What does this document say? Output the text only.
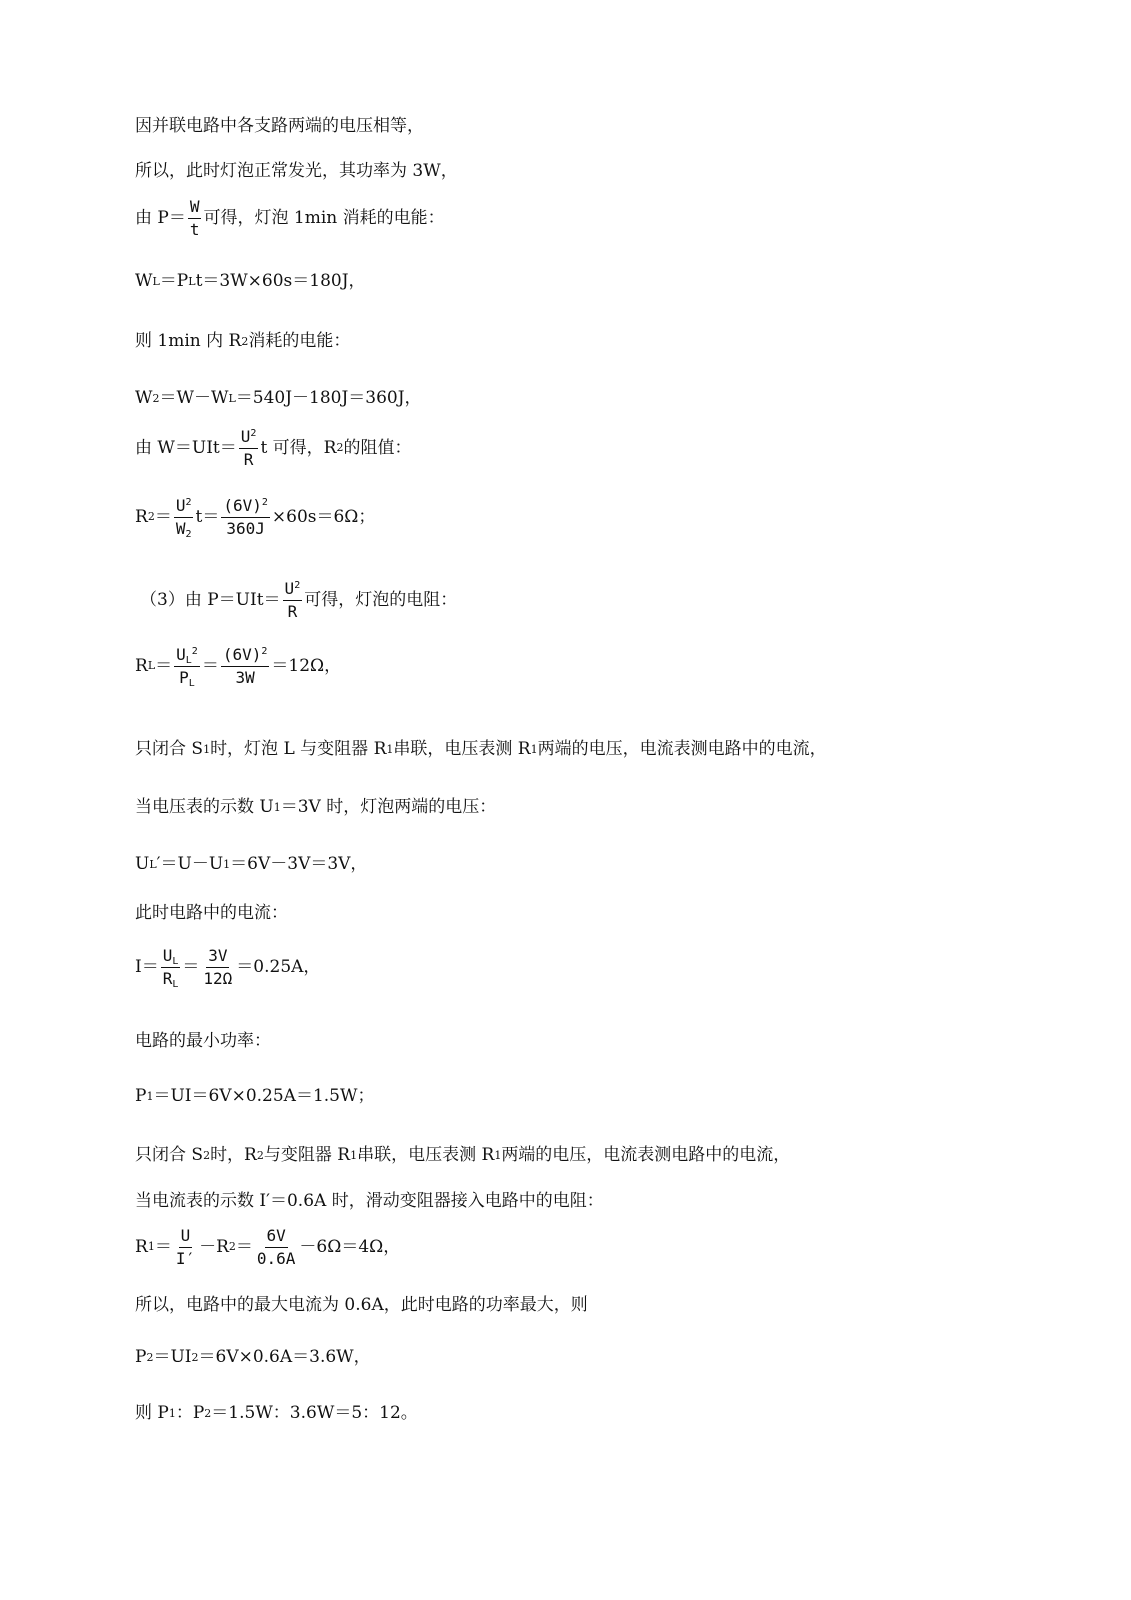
因并联电路中各支路两端的电压相等，
所以，此时灯泡正常发光，其功率为 3W，
由 P＝
W
t
可得，灯泡 1min 消耗的电能：
W L ＝P L t＝3W×60s＝180J，
则 1min 内 R 2 消耗的电能：
W 2 ＝W－W L ＝540J－180J＝360J，
由 W＝UIt＝
$U^2$
R
t 可得，R 2 的阻值：
R 2 ＝
$U^2$
$W_2$
$t= \frac{(6V)^2}{360J} \times 60s=6\Omega$；
（3）由 P＝UIt＝
$U^2$
R
可得，灯泡的电阻：
R L ＝
$U_L^2$
$P_L$
＝
$(6V)^2$
3W
＝12Ω，
只闭合 S 1 时，灯泡 L 与变阻器 R 1 串联，电压表测 R 1 两端的电压，电流表测电路中的电流，
当电压表的示数 U 1 ＝3V 时，灯泡两端的电压：
U L ′＝U－U 1 ＝6V－3V＝3V，
此时电路中的电流：
I＝
$U_L$
$R_L$
＝
3V
12Ω
＝0.25A，
电路的最小功率：
P 1 ＝UI＝6V×0.25A＝1.5W；
只闭合 S 2 时，R 2 与变阻器 R 1 串联，电压表测 R 1 两端的电压，电流表测电路中的电流，
当电流表的示数 I′＝0.6A 时，滑动变阻器接入电路中的电阻：
R 1 ＝
U
I′
－R 2 ＝
6V
0.6A
－6Ω＝4Ω，
所以，电路中的最大电流为 0.6A，此时电路的功率最大，则
P 2 ＝UI 2 ＝6V×0.6A＝3.6W，
则 P 1 ：P 2 ＝1.5W：3.6W＝5：12。
